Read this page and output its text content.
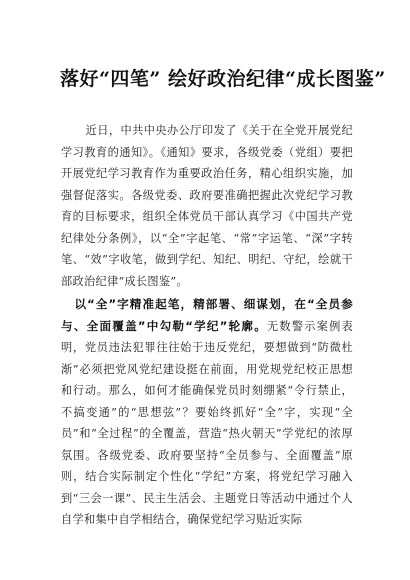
落好“四笔” 绘好政治纪律“成长图鉴”

近日，中共中央办公厅印发了《关于在全党开展党纪学习教育的通知》。《通知》要求，各级党委（党组）要把开展党纪学习教育作为重要政治任务，精心组织实施，加强督促落实。各级党委、政府要准确把握此次党纪学习教育的目标要求，组织全体党员干部认真学习《中国共产党纪律处分条例》，以“全”字起笔、“常”字运笔、“深”字转笔、“效”字收笔，做到学纪、知纪、明纪、守纪，绘就干部政治纪律“成长图鉴”。

以“全”字精准起笔，精部署、细谋划，在“全员参与、全面覆盖”中勾勒“学纪”轮廓。无数警示案例表明，党员违法犯罪往往始于违反党纪，要想做到“防微杜渐”必须把党风党纪建设挺在前面，用党规党纪校正思想和行动。那么，如何才能确保党员时刻绷紧“令行禁止，不搞变通”的“思想弦”？要始终抓好“全”字，实现“全员”和“全过程”的全覆盖，营造“热火朝天”学党纪的浓厚氛围。各级党委、政府要坚持“全员参与、全面覆盖”原则，结合实际制定个性化“学纪”方案，将党纪学习融入到“三会一课”、民主生活会、主题党日等活动中通过个人自学和集中自学相结合，确保党纪学习贴近实际
